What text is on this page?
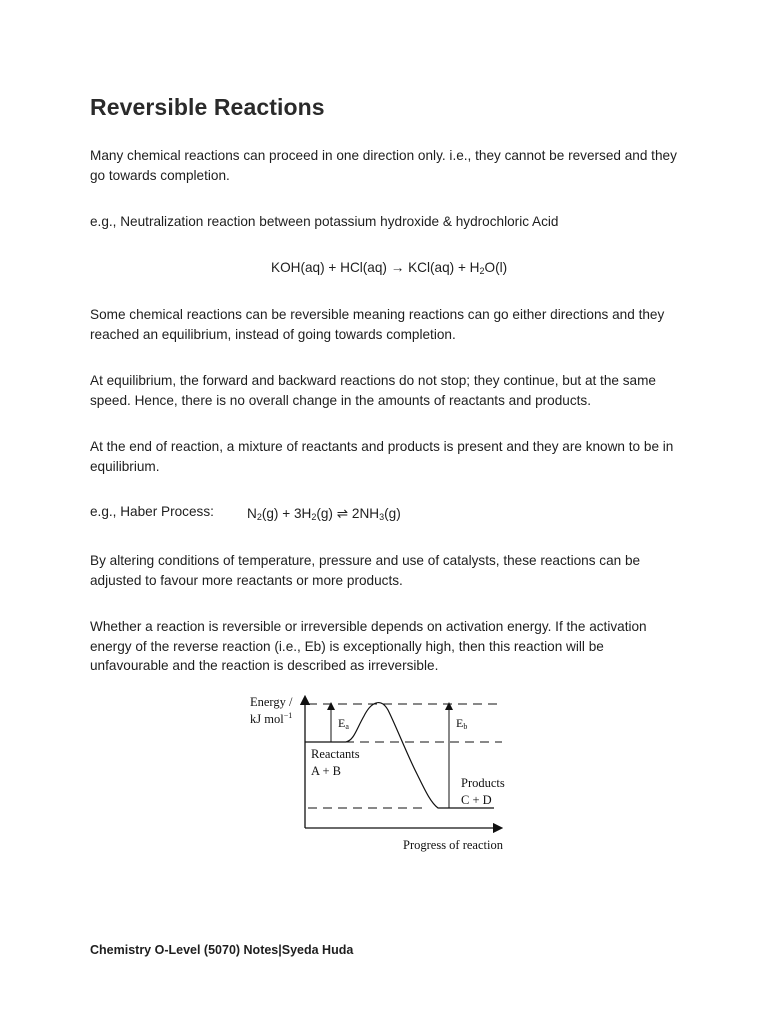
Reversible Reactions

Many chemical reactions can proceed in one direction only. i.e., they cannot be reversed and they go towards completion.

e.g., Neutralization reaction between potassium hydroxide & hydrochloric Acid

$KOH(aq) + HCl(aq) \to KCl(aq) + H_2O(l)$

Some chemical reactions can be reversible meaning reactions can go either directions and they reached an equilibrium, instead of going towards completion.

At equilibrium, the forward and backward reactions do not stop; they continue, but at the same speed. Hence, there is no overall change in the amounts of reactants and products.

At the end of reaction, a mixture of reactants and products is present and they are known to be in equilibrium.

e.g., Haber Process: $N_2(g) + 3H_2(g)$ ⇌ $2NH_3(g)$

By altering conditions of temperature, pressure and use of catalysts, these reactions can be adjusted to favour more reactants or more products.

Whether a reaction is reversible or irreversible depends on activation energy. If the activation energy of the reverse reaction (i.e., Eb) is exceptionally high, then this reaction will be unfavourable and the reaction is described as irreversible.

Energy /
kJ mol$^{-1}$
Ea	Eb
Reactants
A + B
Products
C + D
Progress of reaction
Chemistry O-Level (5070) Notes|Syeda Huda
